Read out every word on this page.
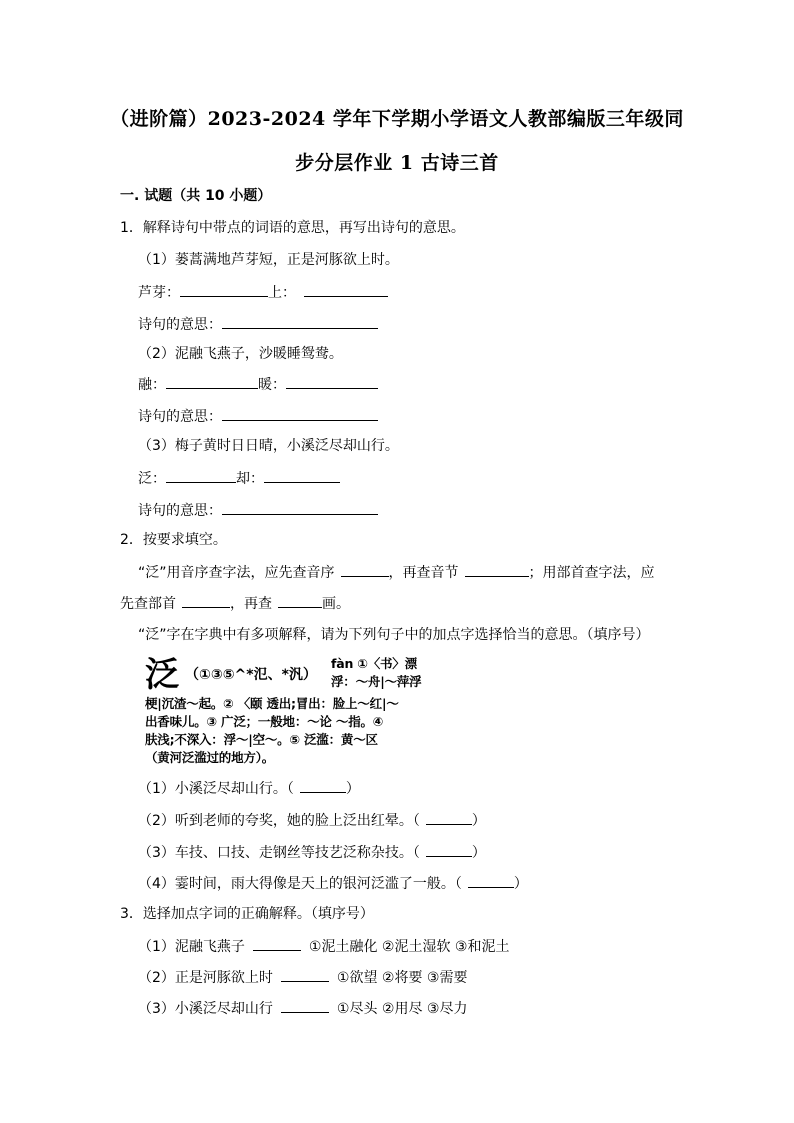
（进阶篇）2023-2024 学年下学期小学语文人教部编版三年级同
步分层作业 1 古诗三首
一. 试题（共 10 小题）
1．解释诗句中带点的词语的意思，再写出诗句的意思。
（1）蒌蒿满地芦芽短，正是河豚欲上时。
芦芽：	上：
诗句的意思：
（2）泥融飞燕子，沙暖睡鸳鸯。
融：	暖：
诗句的意思：
（3）梅子黄时日日晴，小溪泛尽却山行。
泛：	却：
诗句的意思：
2．按要求填空。
“泛”用音序查字法，应先查音序	，再查音节	；用部首查字法，应
先查部首	，再查	画。
“泛”字在字典中有多项解释，请为下列句子中的加点字选择恰当的意思。（填序号）
泛 （①③⑤^*氾、*汎）
fàn ①〈书〉漂
浮：～舟|～萍浮
梗|沉渣～起。② 〈颐 透出;冒出：脸上～红|～
出香味儿。③ 广泛；一般地：～论 ～指。④
肤浅;不深入：浮～|空～。⑤ 泛滥：黄～区
（黄河泛滥过的地方）。
（1）小溪泛尽却山行。（	）
（2）听到老师的夸奖，她的脸上泛出红晕。（	）
（3）车技、口技、走钢丝等技艺泛称杂技。（	）
（4）霎时间，雨大得像是天上的银河泛滥了一般。（	）
3．选择加点字词的正确解释。（填序号）
（1）泥融飞燕子	①泥土融化 ②泥土湿软 ③和泥土
（2）正是河豚欲上时	①欲望 ②将要 ③需要
（3）小溪泛尽却山行	①尽头 ②用尽 ③尽力
